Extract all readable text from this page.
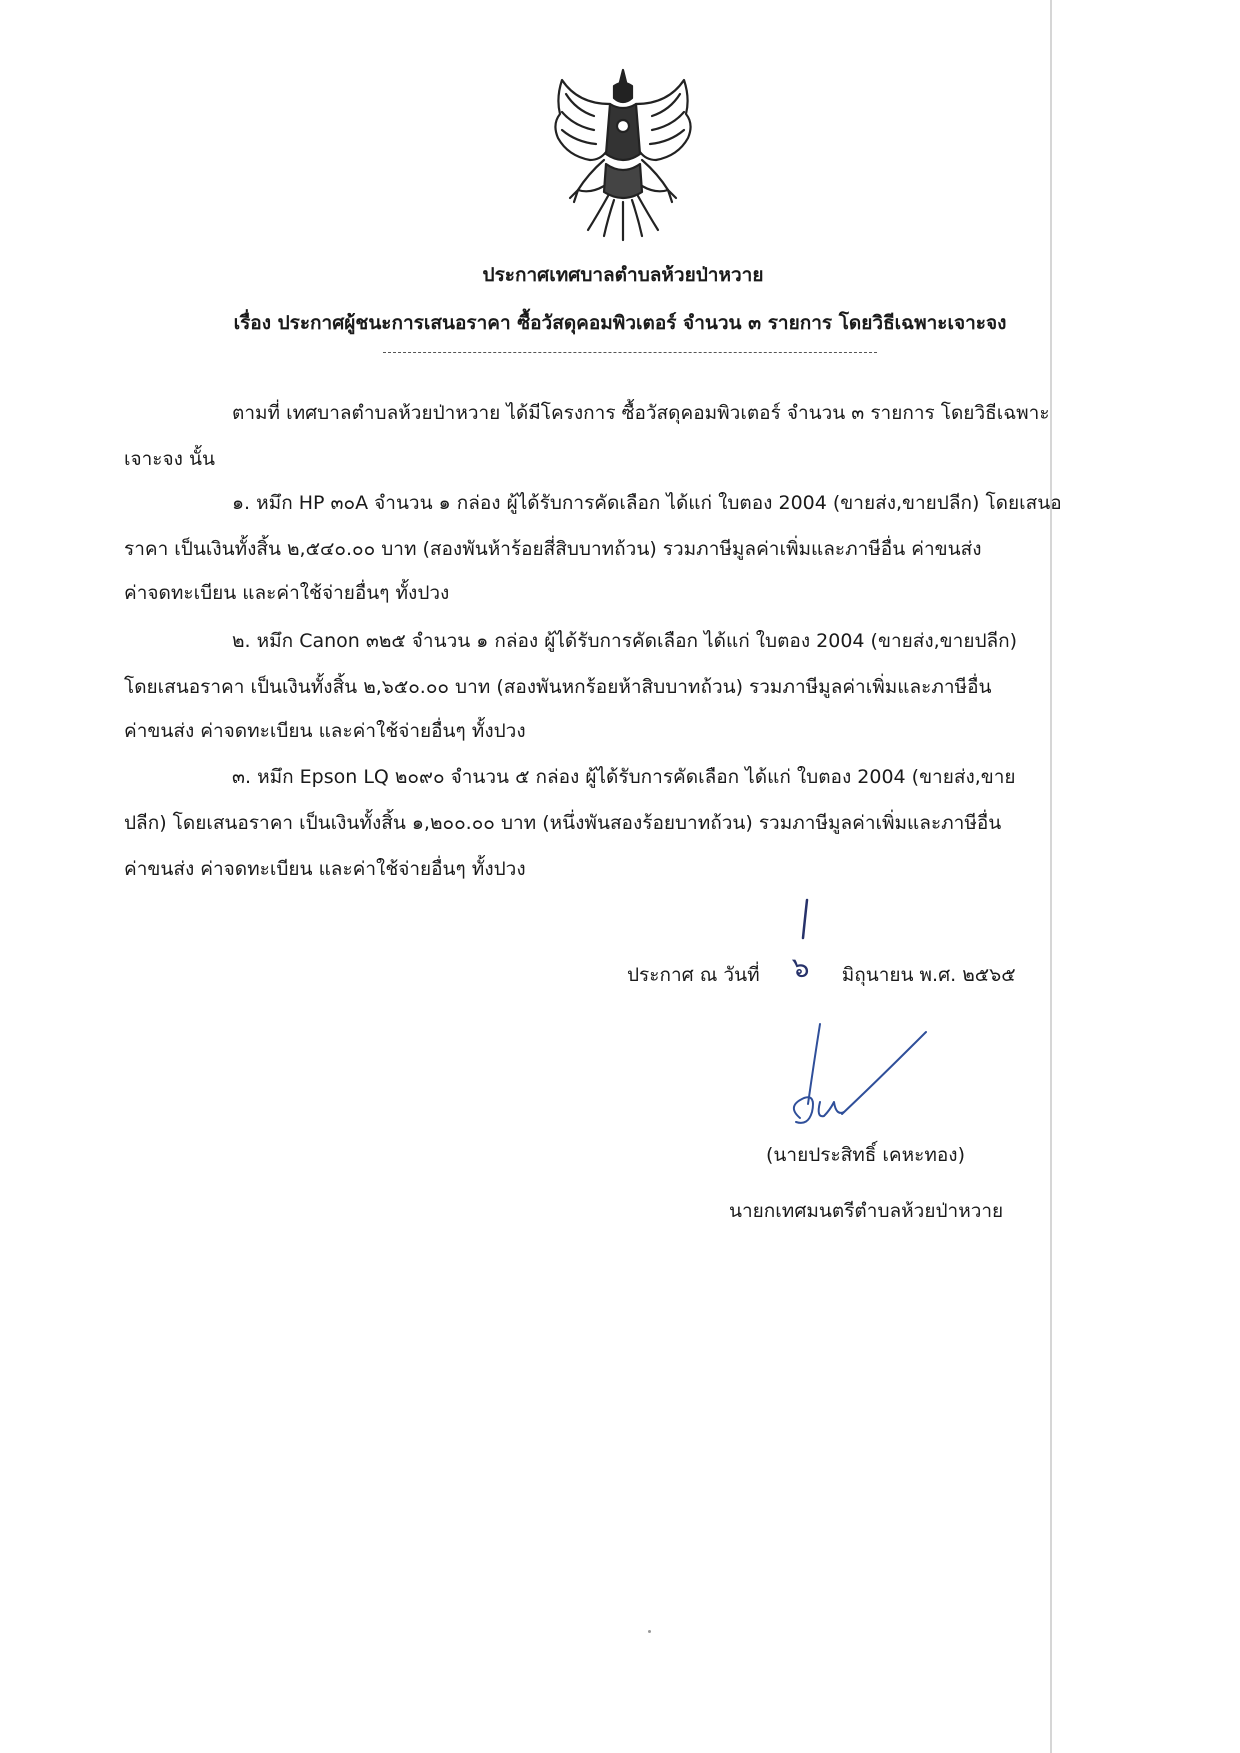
ประกาศเทศบาลตำบลห้วยป่าหวาย
เรื่อง ประกาศผู้ชนะการเสนอราคา ซื้อวัสดุคอมพิวเตอร์ จำนวน ๓ รายการ โดยวิธีเฉพาะเจาะจง
ตามที่ เทศบาลตำบลห้วยป่าหวาย ได้มีโครงการ ซื้อวัสดุคอมพิวเตอร์ จำนวน ๓ รายการ โดยวิธีเฉพาะ
เจาะจง นั้น
๑. หมึก HP ๓๐A จำนวน ๑ กล่อง ผู้ได้รับการคัดเลือก ได้แก่ ใบตอง 2004 (ขายส่ง,ขายปลีก) โดยเสนอ
ราคา เป็นเงินทั้งสิ้น ๒,๕๔๐.๐๐ บาท (สองพันห้าร้อยสี่สิบบาทถ้วน) รวมภาษีมูลค่าเพิ่มและภาษีอื่น ค่าขนส่ง
ค่าจดทะเบียน และค่าใช้จ่ายอื่นๆ ทั้งปวง
๒. หมึก Canon ๓๒๕ จำนวน ๑ กล่อง ผู้ได้รับการคัดเลือก ได้แก่ ใบตอง 2004 (ขายส่ง,ขายปลีก)
โดยเสนอราคา เป็นเงินทั้งสิ้น ๒,๖๕๐.๐๐ บาท (สองพันหกร้อยห้าสิบบาทถ้วน) รวมภาษีมูลค่าเพิ่มและภาษีอื่น
ค่าขนส่ง ค่าจดทะเบียน และค่าใช้จ่ายอื่นๆ ทั้งปวง
๓. หมึก Epson LQ ๒๐๙๐ จำนวน ๕ กล่อง ผู้ได้รับการคัดเลือก ได้แก่ ใบตอง 2004 (ขายส่ง,ขาย
ปลีก) โดยเสนอราคา เป็นเงินทั้งสิ้น ๑,๒๐๐.๐๐ บาท (หนึ่งพันสองร้อยบาทถ้วน) รวมภาษีมูลค่าเพิ่มและภาษีอื่น
ค่าขนส่ง ค่าจดทะเบียน และค่าใช้จ่ายอื่นๆ ทั้งปวง
ประกาศ ณ วันที่ ๖ มิถุนายน พ.ศ. ๒๕๖๕
(นายประสิทธิ์ เคหะทอง)
นายกเทศมนตรีตำบลห้วยป่าหวาย
